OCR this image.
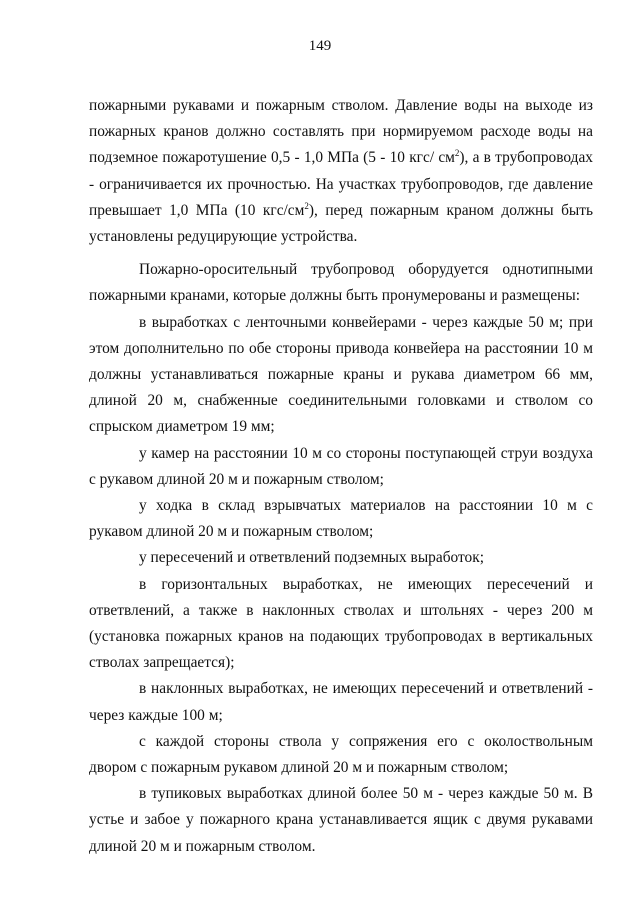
149

пожарными рукавами и пожарным стволом. Давление воды на выходе из пожарных кранов должно составлять при нормируемом расходе воды на подземное пожаротушение 0,5 - 1,0 МПа (5 - 10 кгс/ $см^2$), а в трубопроводах - ограничивается их прочностью. На участках трубопроводов, где давление превышает 1,0 МПа (10 кгс/$см^2$), перед пожарным краном должны быть установлены редуцирующие устройства.

Пожарно-оросительный трубопровод оборудуется однотипными пожарными кранами, которые должны быть пронумерованы и размещены:

в выработках с ленточными конвейерами - через каждые 50 м; при этом дополнительно по обе стороны привода конвейера на расстоянии 10 м должны устанавливаться пожарные краны и рукава диаметром 66 мм, длиной 20 м, снабженные соединительными головками и стволом со спрыском диаметром 19 мм;

у камер на расстоянии 10 м со стороны поступающей струи воздуха с рукавом длиной 20 м и пожарным стволом;

у ходка в склад взрывчатых материалов на расстоянии 10 м с рукавом длиной 20 м и пожарным стволом;

у пересечений и ответвлений подземных выработок;

в горизонтальных выработках, не имеющих пересечений и ответвлений, а также в наклонных стволах и штольнях - через 200 м (установка пожарных кранов на подающих трубопроводах в вертикальных стволах запрещается);

в наклонных выработках, не имеющих пересечений и ответвлений - через каждые 100 м;

с каждой стороны ствола у сопряжения его с околоствольным двором с пожарным рукавом длиной 20 м и пожарным стволом;

в тупиковых выработках длиной более 50 м - через каждые 50 м. В устье и забое у пожарного крана устанавливается ящик с двумя рукавами длиной 20 м и пожарным стволом.
